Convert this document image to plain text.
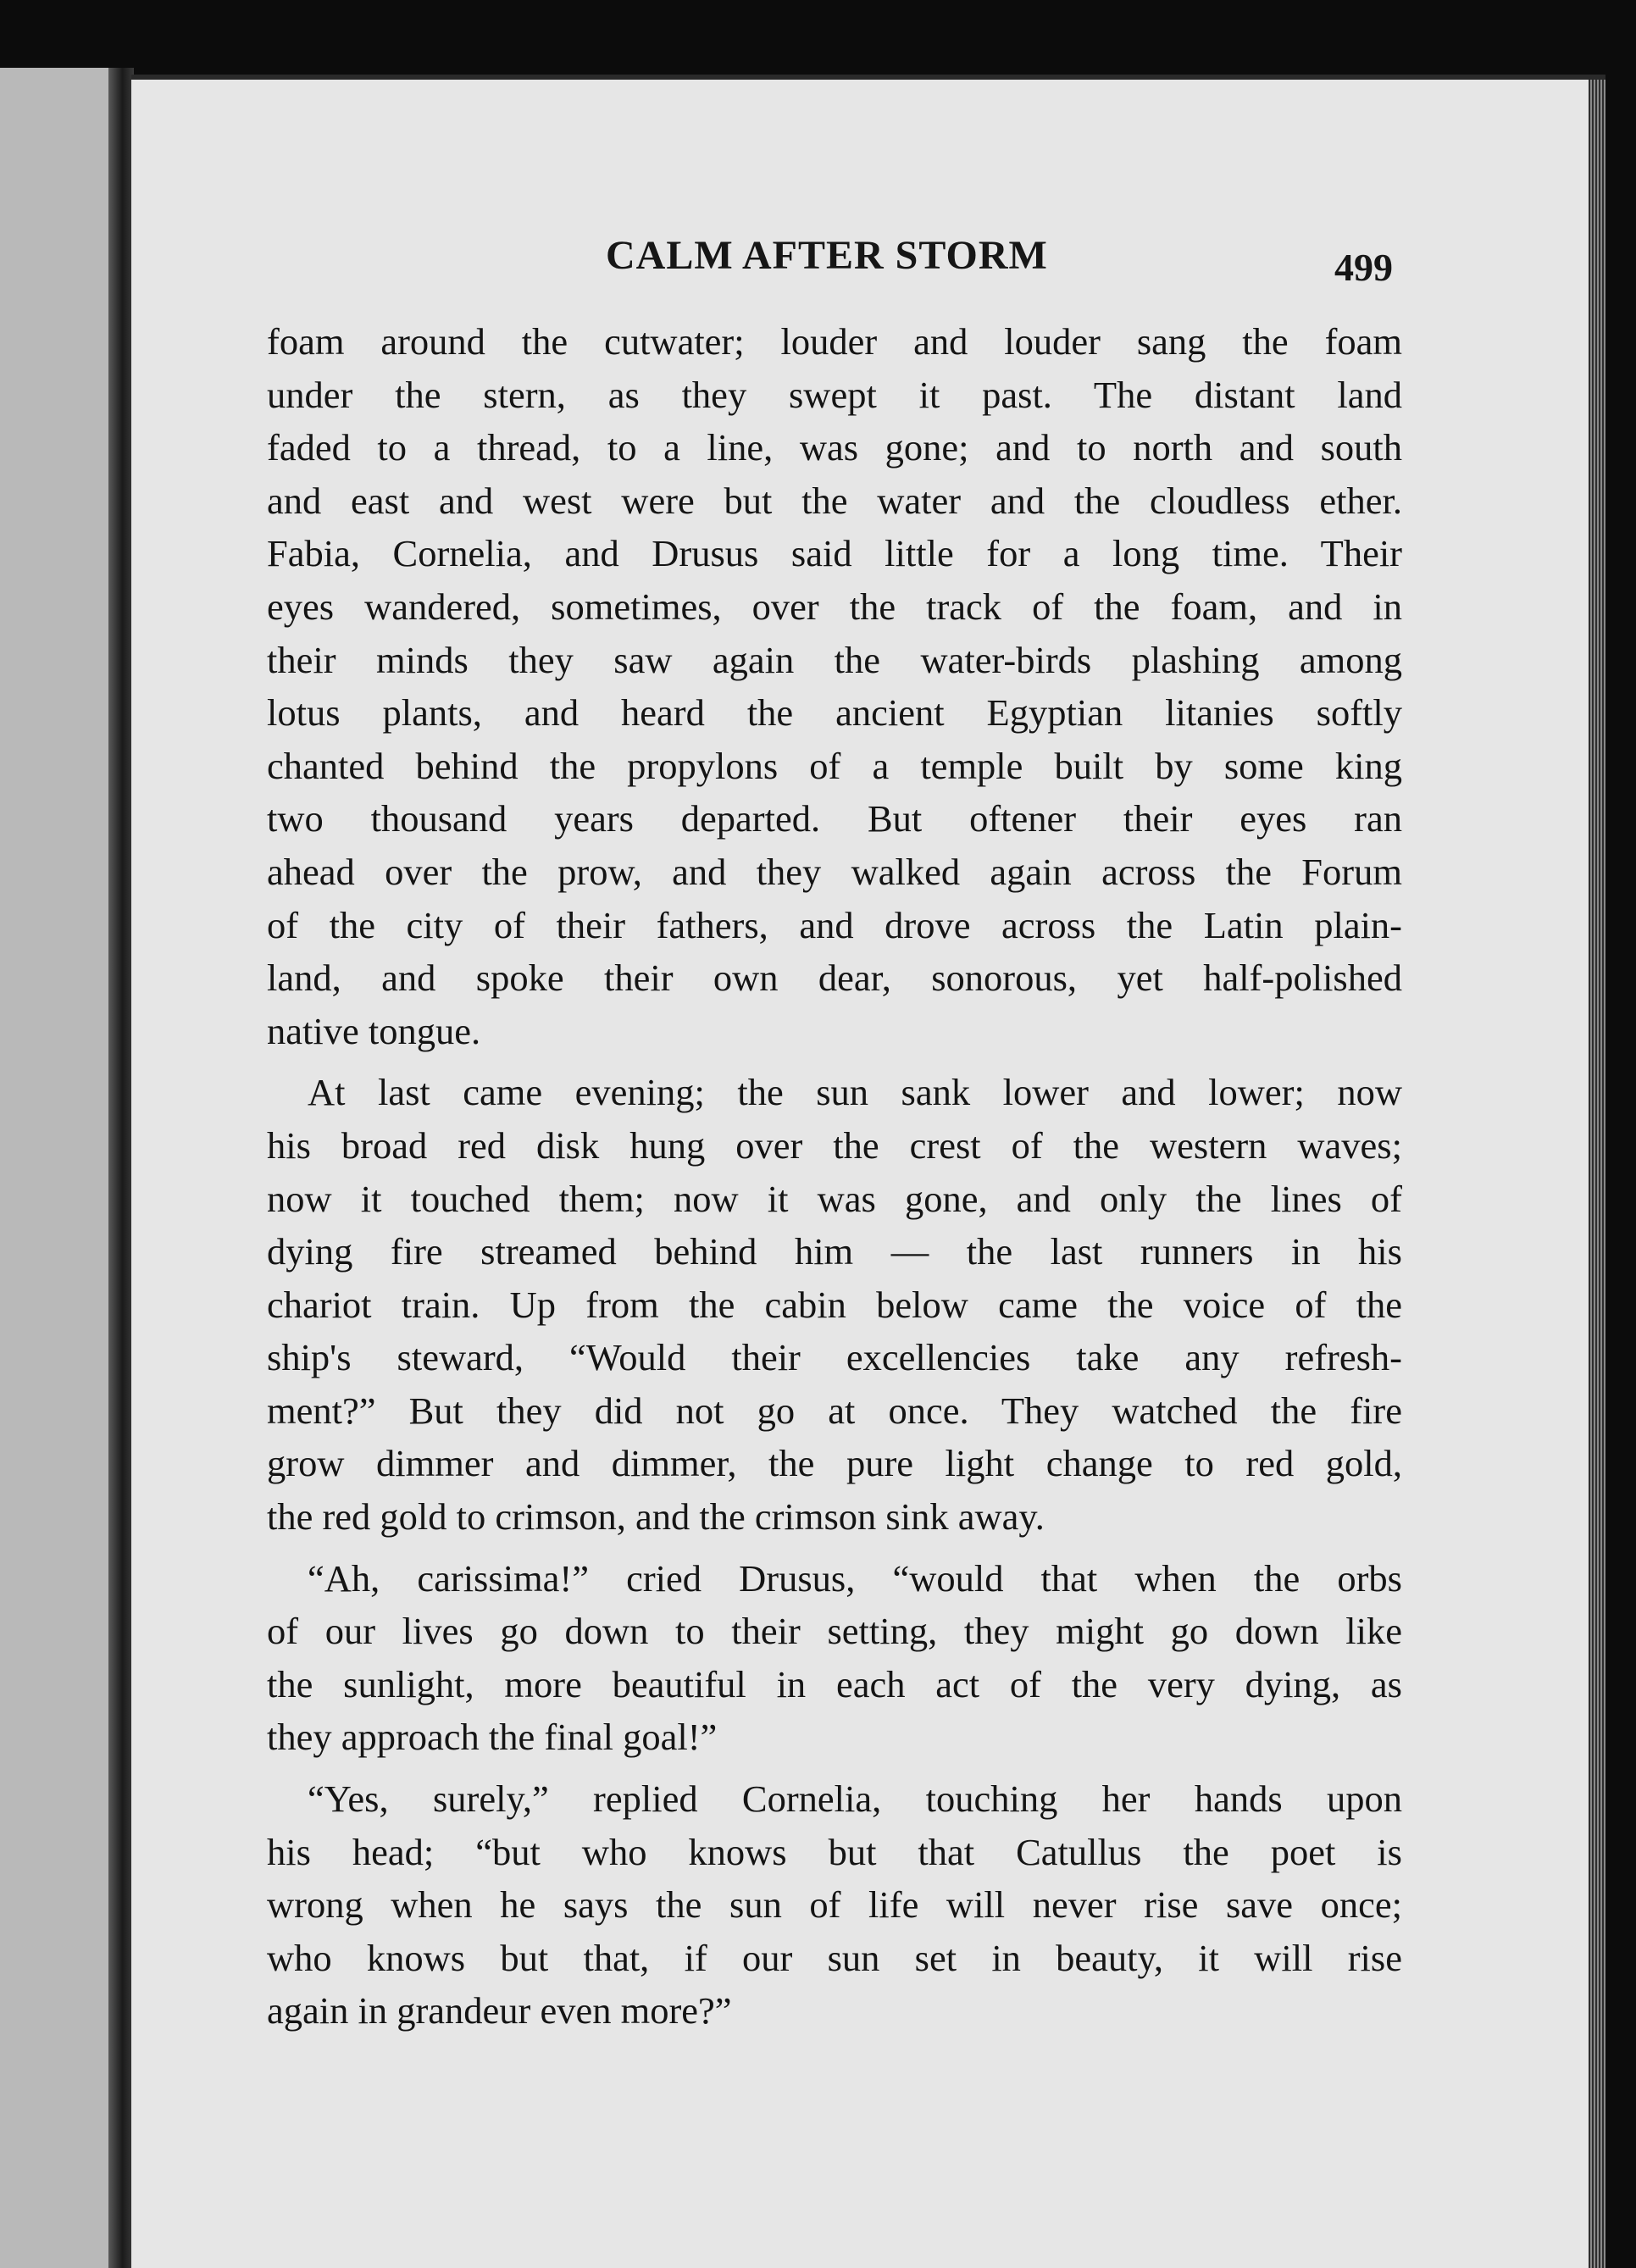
CALM AFTER STORM	499

foam around the cutwater; louder and louder sang the foam
under the stern, as they swept it past. The distant land
faded to a thread, to a line, was gone; and to north and south
and east and west were but the water and the cloudless ether.
Fabia, Cornelia, and Drusus said little for a long time. Their
eyes wandered, sometimes, over the track of the foam, and in
their minds they saw again the water-birds plashing among
lotus plants, and heard the ancient Egyptian litanies softly
chanted behind the propylons of a temple built by some king
two thousand years departed. But oftener their eyes ran
ahead over the prow, and they walked again across the Forum
of the city of their fathers, and drove across the Latin plain-
land, and spoke their own dear, sonorous, yet half-polished
native tongue.

At last came evening; the sun sank lower and lower; now
his broad red disk hung over the crest of the western waves;
now it touched them; now it was gone, and only the lines of
dying fire streamed behind him — the last runners in his
chariot train. Up from the cabin below came the voice of the
ship's steward, “Would their excellencies take any refresh-
ment?” But they did not go at once. They watched the fire
grow dimmer and dimmer, the pure light change to red gold,
the red gold to crimson, and the crimson sink away.

“Ah, carissima!” cried Drusus, “would that when the orbs
of our lives go down to their setting, they might go down like
the sunlight, more beautiful in each act of the very dying, as
they approach the final goal!”

“Yes, surely,” replied Cornelia, touching her hands upon
his head; “but who knows but that Catullus the poet is
wrong when he says the sun of life will never rise save once;
who knows but that, if our sun set in beauty, it will rise
again in grandeur even more?”
